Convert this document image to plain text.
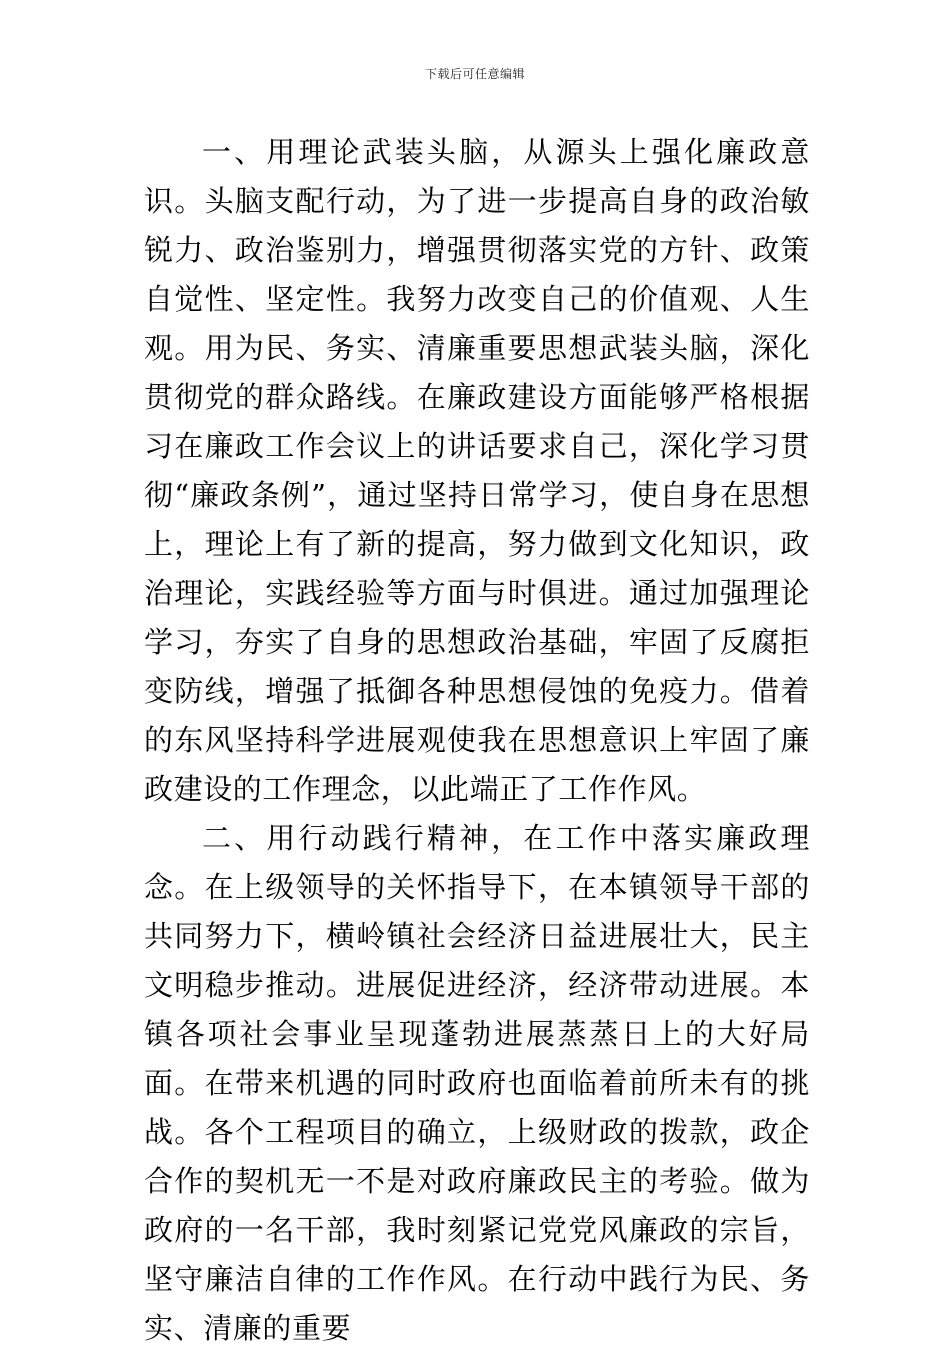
下载后可任意编辑

一、用理论武装头脑，从源头上强化廉政意识。头脑支配行动，为了进一步提高自身的政治敏锐力、政治鉴别力，增强贯彻落实党的方针、政策自觉性、坚定性。我努力改变自己的价值观、人生观。用为民、务实、清廉重要思想武装头脑，深化贯彻党的群众路线。在廉政建设方面能够严格根据习在廉政工作会议上的讲话要求自己，深化学习贯彻“廉政条例”，通过坚持日常学习，使自身在思想上，理论上有了新的提高，努力做到文化知识，政治理论，实践经验等方面与时俱进。通过加强理论学习，夯实了自身的思想政治基础，牢固了反腐拒变防线，增强了抵御各种思想侵蚀的免疫力。借着的东风坚持科学进展观使我在思想意识上牢固了廉政建设的工作理念，以此端正了工作作风。

二、用行动践行精神，在工作中落实廉政理念。在上级领导的关怀指导下，在本镇领导干部的共同努力下，横岭镇社会经济日益进展壮大，民主文明稳步推动。进展促进经济，经济带动进展。本镇各项社会事业呈现蓬勃进展蒸蒸日上的大好局面。在带来机遇的同时政府也面临着前所未有的挑战。各个工程项目的确立，上级财政的拨款，政企合作的契机无一不是对政府廉政民主的考验。做为政府的一名干部，我时刻紧记党党风廉政的宗旨，坚守廉洁自律的工作作风。在行动中践行为民、务实、清廉的重要
